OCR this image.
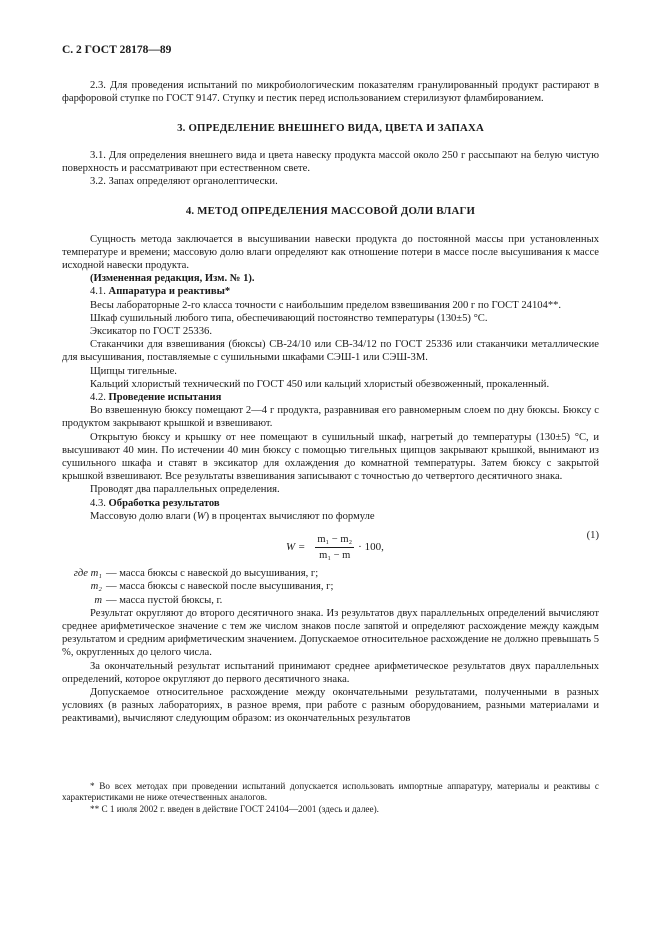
С. 2 ГОСТ 28178—89

2.3. Для проведения испытаний по микробиологическим показателям гранулированный продукт растирают в фарфоровой ступке по ГОСТ 9147. Ступку и пестик перед использованием стерилизуют фламбированием.

3. ОПРЕДЕЛЕНИЕ ВНЕШНЕГО ВИДА, ЦВЕТА И ЗАПАХА

3.1. Для определения внешнего вида и цвета навеску продукта массой около 250 г рассыпают на белую чистую поверхность и рассматривают при естественном свете.

3.2. Запах определяют органолептически.

4. МЕТОД ОПРЕДЕЛЕНИЯ МАССОВОЙ ДОЛИ ВЛАГИ

Сущность метода заключается в высушивании навески продукта до постоянной массы при установленных температуре и времени; массовую долю влаги определяют как отношение потери в массе после высушивания к массе исходной навески продукта.

(Измененная редакция, Изм. № 1).

4.1. Аппаратура и реактивы*

Весы лабораторные 2-го класса точности с наибольшим пределом взвешивания 200 г по ГОСТ 24104**.

Шкаф сушильный любого типа, обеспечивающий постоянство температуры (130±5) °С.

Эксикатор по ГОСТ 25336.

Стаканчики для взвешивания (бюксы) СВ-24/10 или СВ-34/12 по ГОСТ 25336 или стаканчики металлические для высушивания, поставляемые с сушильными шкафами СЭШ-1 или СЭШ-3М.

Щипцы тигельные.

Кальций хлористый технический по ГОСТ 450 или кальций хлористый обезвоженный, прокаленный.

4.2. Проведение испытания

Во взвешенную бюксу помещают 2—4 г продукта, разравнивая его равномерным слоем по дну бюксы. Бюксу с продуктом закрывают крышкой и взвешивают.

Открытую бюксу и крышку от нее помещают в сушильный шкаф, нагретый до температуры (130±5) °С, и высушивают 40 мин. По истечении 40 мин бюксу с помощью тигельных щипцов закрывают крышкой, вынимают из сушильного шкафа и ставят в эксикатор для охлаждения до комнатной температуры. Затем бюксу с закрытой крышкой взвешивают. Все результаты взвешивания записывают с точностью до четвертого десятичного знака.

Проводят два параллельных определения.

4.3. Обработка результатов

Массовую долю влаги (W) в процентах вычисляют по формуле

$W = \frac{\text{m₁ − m₂}}{\text{m₁ − m}} \cdot 100$,
(1)
где m₁ — масса бюксы с навеской до высушивания, г;
m₂ — масса бюксы с навеской после высушивания, г;
m — масса пустой бюксы, г.

Результат округляют до второго десятичного знака. Из результатов двух параллельных определений вычисляют среднее арифметическое значение с тем же числом знаков после запятой и определяют расхождение между каждым результатом и средним арифметическим значением. Допускаемое относительное расхождение не должно превышать 5 %, округленных до целого числа.

За окончательный результат испытаний принимают среднее арифметическое результатов двух параллельных определений, которое округляют до первого десятичного знака.

Допускаемое относительное расхождение между окончательными результатами, полученными в разных условиях (в разных лабораториях, в разное время, при работе с разным оборудованием, разными материалами и реактивами), вычисляют следующим образом: из окончательных результатов

* Во всех методах при проведении испытаний допускается использовать импортные аппаратуру, материалы и реактивы с характеристиками не ниже отечественных аналогов.

** С 1 июля 2002 г. введен в действие ГОСТ 24104—2001 (здесь и далее).
